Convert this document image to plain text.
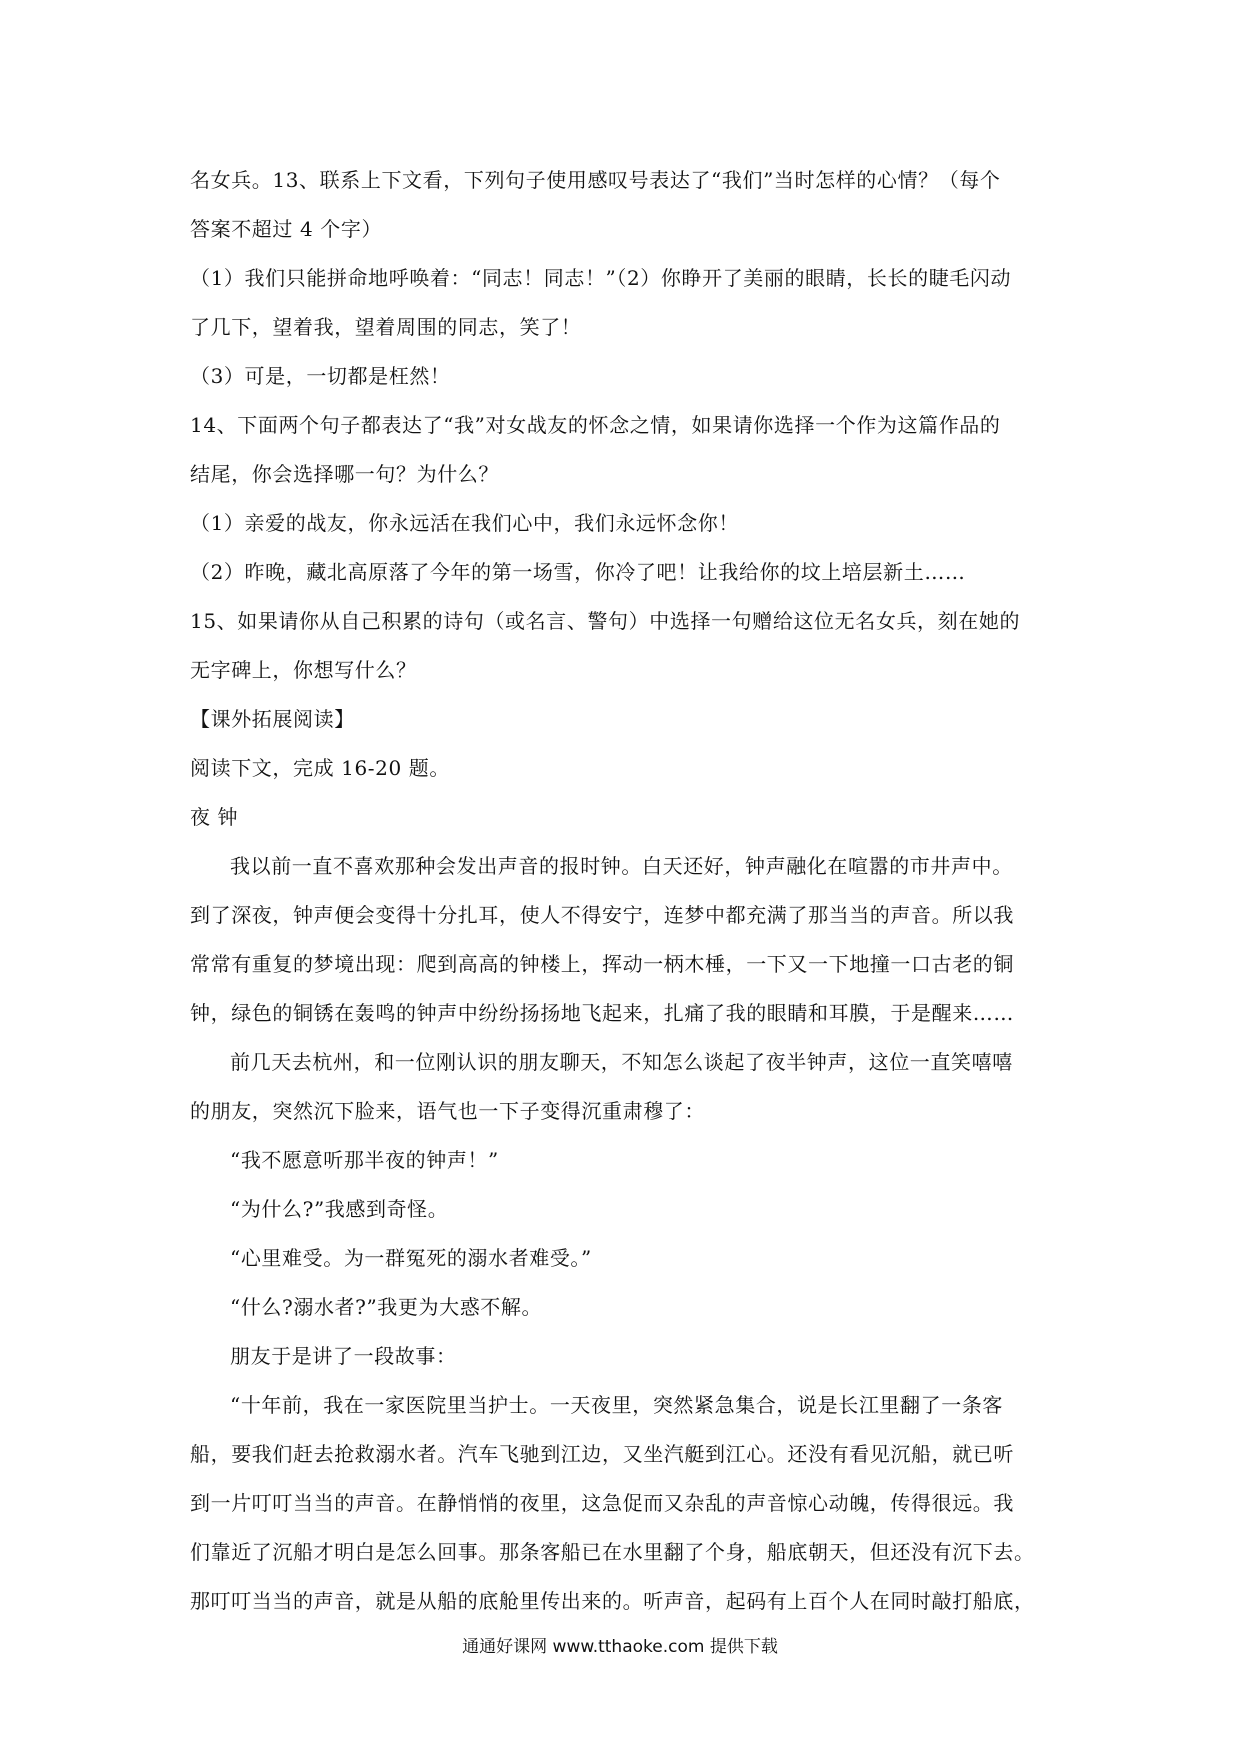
名女兵。13、联系上下文看，下列句子使用感叹号表达了“我们”当时怎样的心情？（每个

答案不超过 4 个字）

（1）我们只能拼命地呼唤着：“同志！同志！”（2）你睁开了美丽的眼睛，长长的睫毛闪动

了几下，望着我，望着周围的同志，笑了！

（3）可是，一切都是枉然！

14、下面两个句子都表达了“我”对女战友的怀念之情，如果请你选择一个作为这篇作品的

结尾，你会选择哪一句？为什么？

（1）亲爱的战友，你永远活在我们心中，我们永远怀念你！

（2）昨晚，藏北高原落了今年的第一场雪，你冷了吧！让我给你的坟上培层新土……

15、如果请你从自己积累的诗句（或名言、警句）中选择一句赠给这位无名女兵，刻在她的

无字碑上，你想写什么？

【课外拓展阅读】

阅读下文，完成 16-20 题。

夜 钟

我以前一直不喜欢那种会发出声音的报时钟。白天还好，钟声融化在喧嚣的市井声中。

到了深夜，钟声便会变得十分扎耳，使人不得安宁，连梦中都充满了那当当的声音。所以我

常常有重复的梦境出现：爬到高高的钟楼上，挥动一柄木棰，一下又一下地撞一口古老的铜

钟，绿色的铜锈在轰鸣的钟声中纷纷扬扬地飞起来，扎痛了我的眼睛和耳膜，于是醒来……

前几天去杭州，和一位刚认识的朋友聊天，不知怎么谈起了夜半钟声，这位一直笑嘻嘻

的朋友，突然沉下脸来，语气也一下子变得沉重肃穆了：

“我不愿意听那半夜的钟声！”

“为什么?”我感到奇怪。

“心里难受。为一群冤死的溺水者难受。”

“什么?溺水者?”我更为大惑不解。

朋友于是讲了一段故事：

“十年前，我在一家医院里当护士。一天夜里，突然紧急集合，说是长江里翻了一条客

船，要我们赶去抢救溺水者。汽车飞驰到江边，又坐汽艇到江心。还没有看见沉船，就已听

到一片叮叮当当的声音。在静悄悄的夜里，这急促而又杂乱的声音惊心动魄，传得很远。我

们靠近了沉船才明白是怎么回事。那条客船已在水里翻了个身，船底朝天，但还没有沉下去。

那叮叮当当的声音，就是从船的底舱里传出来的。听声音，起码有上百个人在同时敲打船底，

通通好课网 www.tthaoke.com 提供下载
